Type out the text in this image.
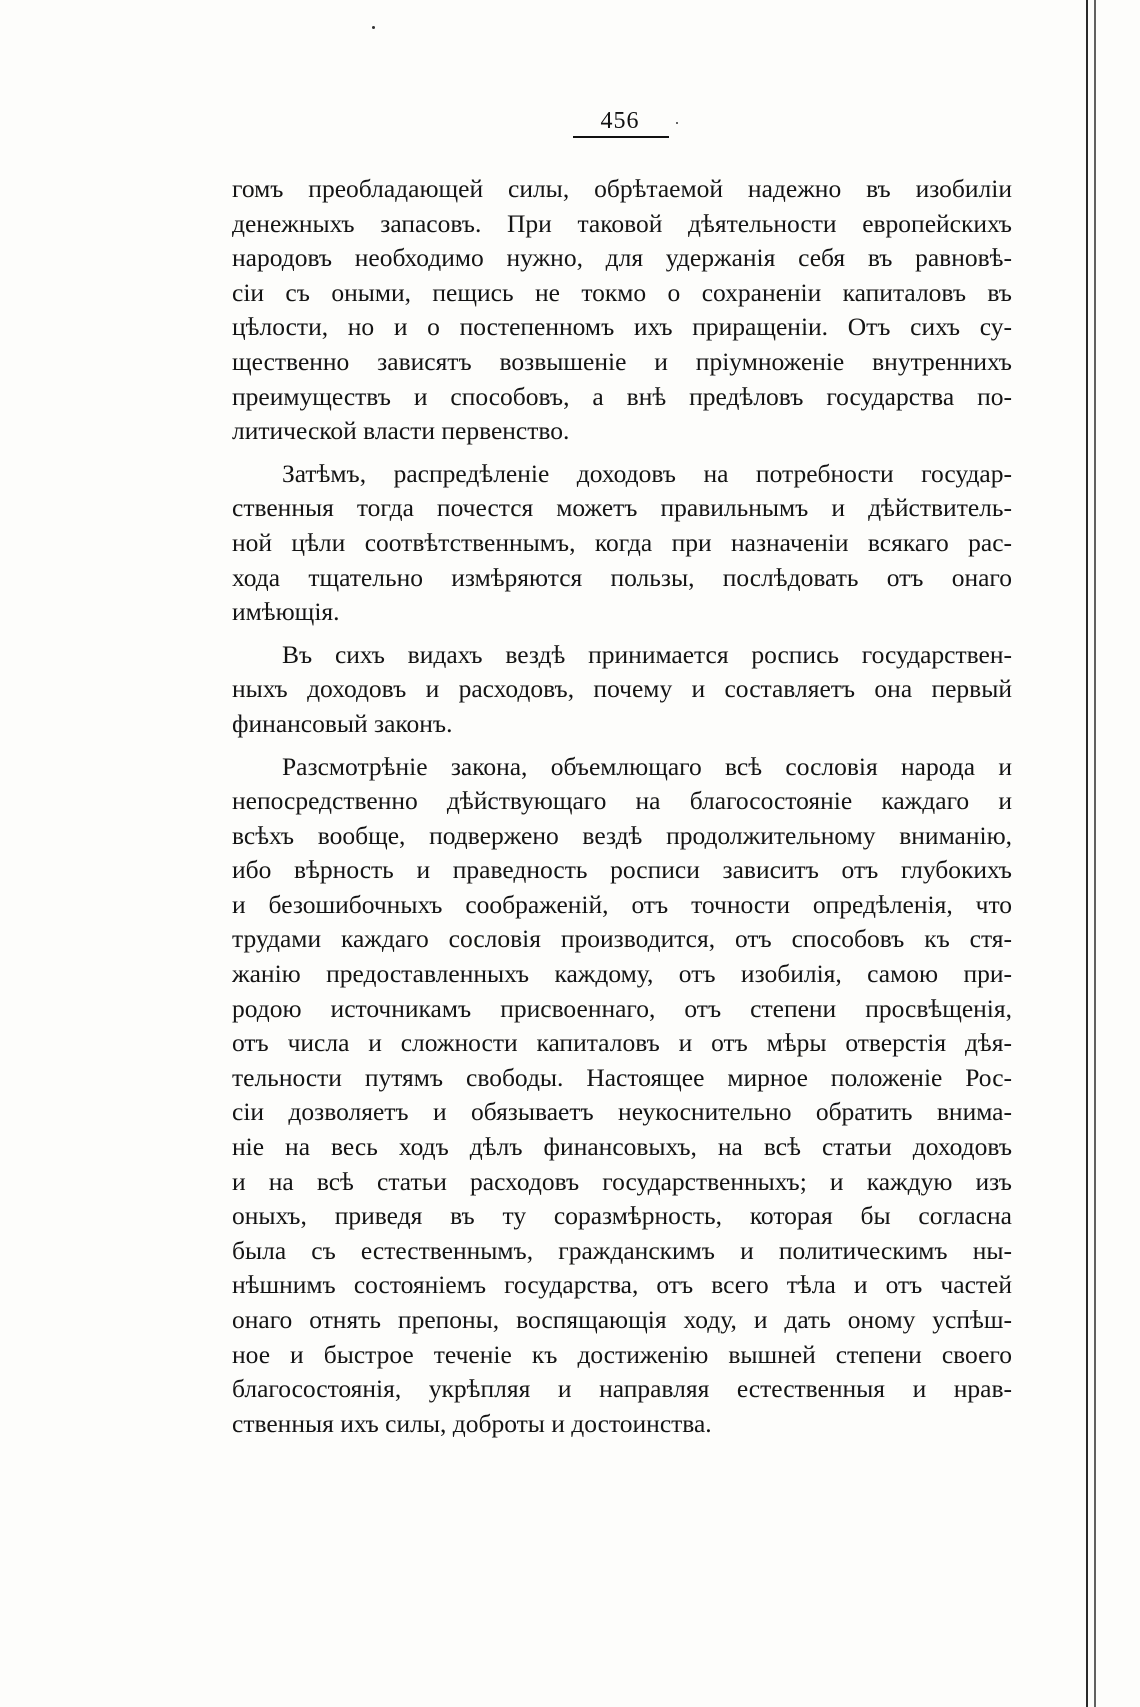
456
гомъ преобладающей силы, обрѣтаемой надежно въ изобиліи
денежныхъ запасовъ. При таковой дѣятельности европейскихъ
народовъ необходимо нужно, для удержанія себя въ равновѣ-
сіи съ оными, пещись не токмо о сохраненіи капиталовъ въ
цѣлости, но и о постепенномъ ихъ приращеніи. Отъ сихъ су-
щественно зависятъ возвышеніе и пріумноженіе внутреннихъ
преимуществъ и способовъ, а внѣ предѣловъ государства по-
литической власти первенство.
Затѣмъ, распредѣленіе доходовъ на потребности государ-
ственныя тогда почестся можетъ правильнымъ и дѣйствитель-
ной цѣли соотвѣтственнымъ, когда при назначеніи всякаго рас-
хода тщательно измѣряются пользы, послѣдовать отъ онаго
имѣющія.
Въ сихъ видахъ вездѣ принимается роспись государствен-
ныхъ доходовъ и расходовъ, почему и составляетъ она первый
финансовый законъ.
Разсмотрѣніе закона, объемлющаго всѣ сословія народа и
непосредственно дѣйствующаго на благосостояніе каждаго и
всѣхъ вообще, подвержено вездѣ продолжительному вниманію,
ибо вѣрность и праведность росписи зависитъ отъ глубокихъ
и безошибочныхъ соображеній, отъ точности опредѣленія, что
трудами каждаго сословія производится, отъ способовъ къ стя-
жанію предоставленныхъ каждому, отъ изобилія, самою при-
родою источникамъ присвоеннаго, отъ степени просвѣщенія,
отъ числа и сложности капиталовъ и отъ мѣры отверстія дѣя-
тельности путямъ свободы. Настоящее мирное положеніе Рос-
сіи дозволяетъ и обязываетъ неукоснительно обратить внима-
ніе на весь ходъ дѣлъ финансовыхъ, на всѣ статьи доходовъ
и на всѣ статьи расходовъ государственныхъ; и каждую изъ
оныхъ, приведя въ ту соразмѣрность, которая бы согласна
была съ естественнымъ, гражданскимъ и политическимъ ны-
нѣшнимъ состояніемъ государства, отъ всего тѣла и отъ частей
онаго отнять препоны, воспящающія ходу, и дать оному успѣш-
ное и быстрое теченіе къ достиженію вышней степени своего
благосостоянія, укрѣпляя и направляя естественныя и нрав-
ственныя ихъ силы, доброты и достоинства.
